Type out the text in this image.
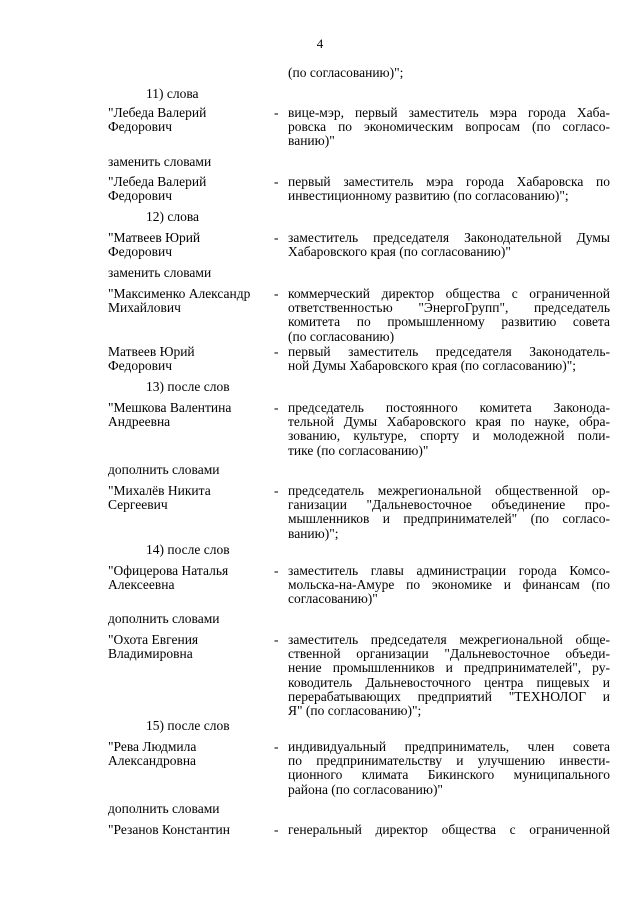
4
(по согласованию)";
11) слова
"Лебеда Валерий
Федорович
- вице-мэр, первый заместитель мэра города Хаба-
ровска по экономическим вопросам (по согласо-
ванию)"
заменить словами
"Лебеда Валерий
Федорович
- первый заместитель мэра города Хабаровска по
инвестиционному развитию (по согласованию)";
12) слова
"Матвеев Юрий
Федорович
- заместитель председателя Законодательной Думы
Хабаровского края (по согласованию)"
заменить словами
"Максименко Александр
Михайлович
- коммерческий директор общества с ограниченной
ответственностью "ЭнергоГрупп", председатель
комитета по промышленному развитию совета
(по согласованию)
Матвеев Юрий
Федорович
- первый заместитель председателя Законодатель-
ной Думы Хабаровского края (по согласованию)";
13) после слов
"Мешкова Валентина
Андреевна
- председатель постоянного комитета Законода-
тельной Думы Хабаровского края по науке, обра-
зованию, культуре, спорту и молодежной поли-
тике (по согласованию)"
дополнить словами
"Михалёв Никита
Сергеевич
- председатель межрегиональной общественной ор-
ганизации "Дальневосточное объединение про-
мышленников и предпринимателей" (по согласо-
ванию)";
14) после слов
"Офицерова Наталья
Алексеевна
- заместитель главы администрации города Комсо-
мольска-на-Амуре по экономике и финансам (по
согласованию)"
дополнить словами
"Охота Евгения
Владимировна
- заместитель председателя межрегиональной обще-
ственной организации "Дальневосточное объеди-
нение промышленников и предпринимателей", ру-
ководитель Дальневосточного центра пищевых и
перерабатывающих предприятий "ТЕХНОЛОГ и
Я" (по согласованию)";
15) после слов
"Рева Людмила
Александровна
- индивидуальный предприниматель, член совета
по предпринимательству и улучшению инвести-
ционного климата Бикинского муниципального
района (по согласованию)"
дополнить словами
"Резанов Константин	- генеральный директор общества с ограниченной
